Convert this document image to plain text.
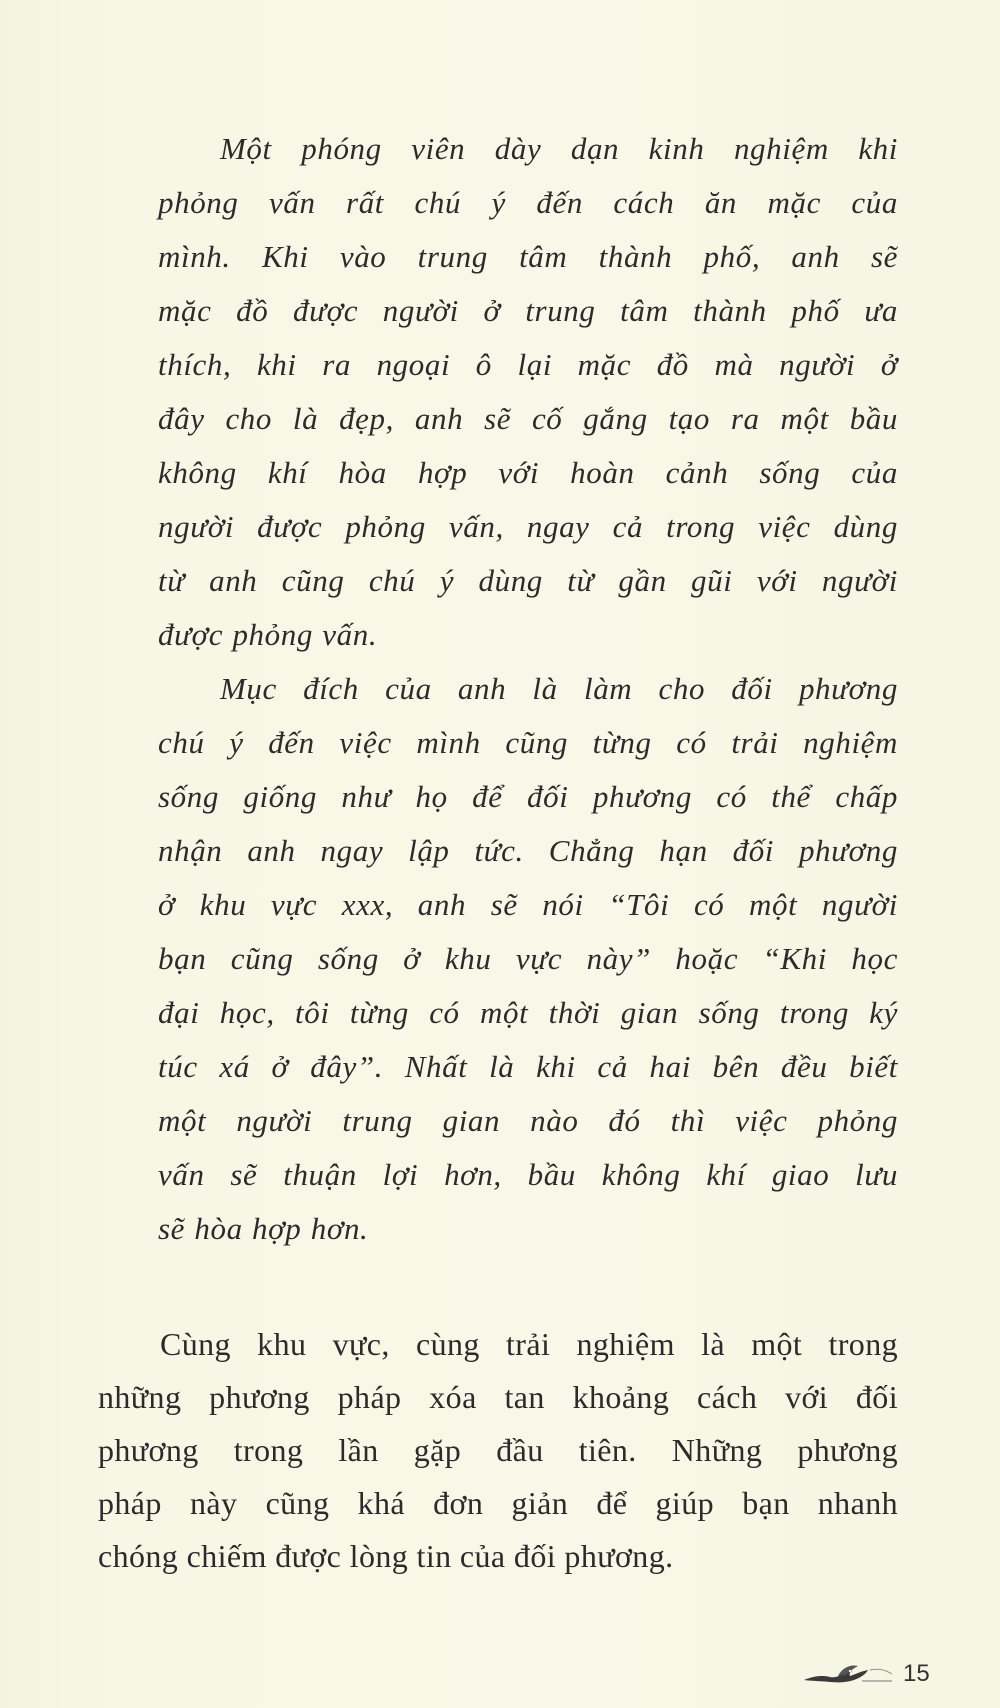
Một phóng viên dày dạn kinh nghiệm khi
phỏng vấn rất chú ý đến cách ăn mặc của
mình. Khi vào trung tâm thành phố, anh sẽ
mặc đồ được người ở trung tâm thành phố ưa
thích, khi ra ngoại ô lại mặc đồ mà người ở
đây cho là đẹp, anh sẽ cố gắng tạo ra một bầu
không khí hòa hợp với hoàn cảnh sống của
người được phỏng vấn, ngay cả trong việc dùng
từ anh cũng chú ý dùng từ gần gũi với người
được phỏng vấn.
Mục đích của anh là làm cho đối phương
chú ý đến việc mình cũng từng có trải nghiệm
sống giống như họ để đối phương có thể chấp
nhận anh ngay lập tức. Chẳng hạn đối phương
ở khu vực xxx, anh sẽ nói “Tôi có một người
bạn cũng sống ở khu vực này” hoặc “Khi học
đại học, tôi từng có một thời gian sống trong ký
túc xá ở đây”. Nhất là khi cả hai bên đều biết
một người trung gian nào đó thì việc phỏng
vấn sẽ thuận lợi hơn, bầu không khí giao lưu
sẽ hòa hợp hơn.
Cùng khu vực, cùng trải nghiệm là một trong
những phương pháp xóa tan khoảng cách với đối
phương trong lần gặp đầu tiên. Những phương
pháp này cũng khá đơn giản để giúp bạn nhanh
chóng chiếm được lòng tin của đối phương.
15
